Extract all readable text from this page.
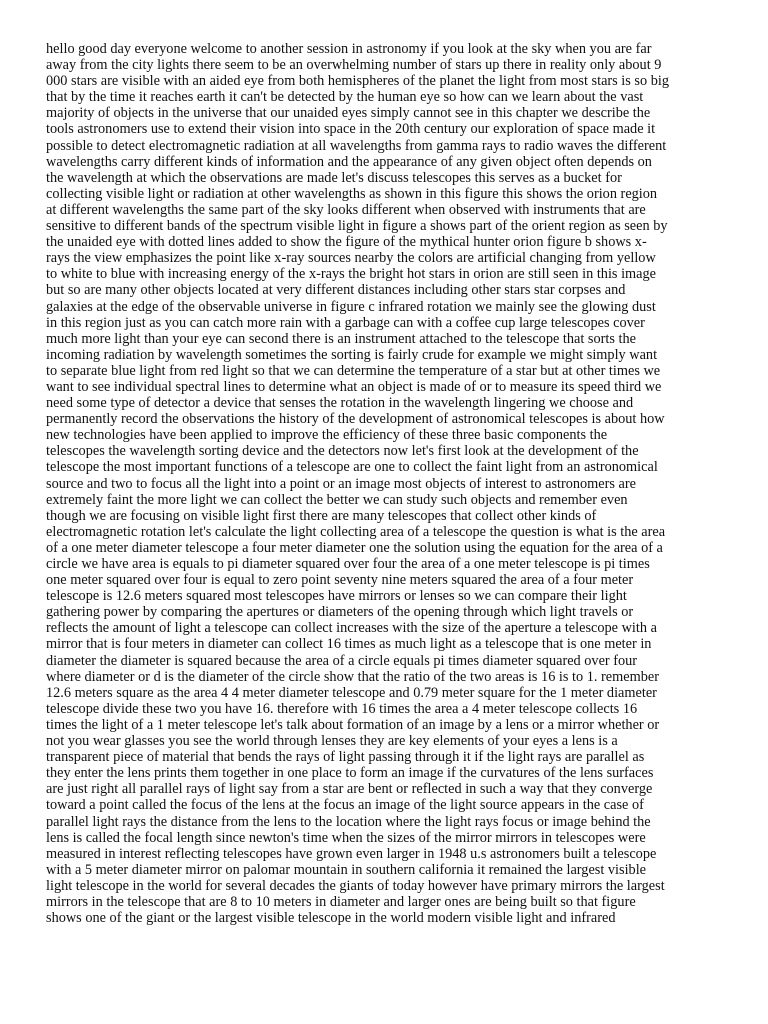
hello good day everyone welcome to another session in astronomy if you look at the sky when you are far
away from the city lights there seem to be an overwhelming number of stars up there in reality only about 9
000 stars are visible with an aided eye from both hemispheres of the planet the light from most stars is so big
that by the time it reaches earth it can't be detected by the human eye so how can we learn about the vast
majority of objects in the universe that our unaided eyes simply cannot see in this chapter we describe the
tools astronomers use to extend their vision into space in the 20th century our exploration of space made it
possible to detect electromagnetic radiation at all wavelengths from gamma rays to radio waves the different
wavelengths carry different kinds of information and the appearance of any given object often depends on
the wavelength at which the observations are made let's discuss telescopes this serves as a bucket for
collecting visible light or radiation at other wavelengths as shown in this figure this shows the orion region
at different wavelengths the same part of the sky looks different when observed with instruments that are
sensitive to different bands of the spectrum visible light in figure a shows part of the orient region as seen by
the unaided eye with dotted lines added to show the figure of the mythical hunter orion figure b shows x-
rays the view emphasizes the point like x-ray sources nearby the colors are artificial changing from yellow
to white to blue with increasing energy of the x-rays the bright hot stars in orion are still seen in this image
but so are many other objects located at very different distances including other stars star corpses and
galaxies at the edge of the observable universe in figure c infrared rotation we mainly see the glowing dust
in this region just as you can catch more rain with a garbage can with a coffee cup large telescopes cover
much more light than your eye can second there is an instrument attached to the telescope that sorts the
incoming radiation by wavelength sometimes the sorting is fairly crude for example we might simply want
to separate blue light from red light so that we can determine the temperature of a star but at other times we
want to see individual spectral lines to determine what an object is made of or to measure its speed third we
need some type of detector a device that senses the rotation in the wavelength lingering we choose and
permanently record the observations the history of the development of astronomical telescopes is about how
new technologies have been applied to improve the efficiency of these three basic components the
telescopes the wavelength sorting device and the detectors now let's first look at the development of the
telescope the most important functions of a telescope are one to collect the faint light from an astronomical
source and two to focus all the light into a point or an image most objects of interest to astronomers are
extremely faint the more light we can collect the better we can study such objects and remember even
though we are focusing on visible light first there are many telescopes that collect other kinds of
electromagnetic rotation let's calculate the light collecting area of a telescope the question is what is the area
of a one meter diameter telescope a four meter diameter one the solution using the equation for the area of a
circle we have area is equals to pi diameter squared over four the area of a one meter telescope is pi times
one meter squared over four is equal to zero point seventy nine meters squared the area of a four meter
telescope is 12.6 meters squared most telescopes have mirrors or lenses so we can compare their light
gathering power by comparing the apertures or diameters of the opening through which light travels or
reflects the amount of light a telescope can collect increases with the size of the aperture a telescope with a
mirror that is four meters in diameter can collect 16 times as much light as a telescope that is one meter in
diameter the diameter is squared because the area of a circle equals pi times diameter squared over four
where diameter or d is the diameter of the circle show that the ratio of the two areas is 16 is to 1. remember
12.6 meters square as the area 4 4 meter diameter telescope and 0.79 meter square for the 1 meter diameter
telescope divide these two you have 16. therefore with 16 times the area a 4 meter telescope collects 16
times the light of a 1 meter telescope let's talk about formation of an image by a lens or a mirror whether or
not you wear glasses you see the world through lenses they are key elements of your eyes a lens is a
transparent piece of material that bends the rays of light passing through it if the light rays are parallel as
they enter the lens prints them together in one place to form an image if the curvatures of the lens surfaces
are just right all parallel rays of light say from a star are bent or reflected in such a way that they converge
toward a point called the focus of the lens at the focus an image of the light source appears in the case of
parallel light rays the distance from the lens to the location where the light rays focus or image behind the
lens is called the focal length since newton's time when the sizes of the mirror mirrors in telescopes were
measured in interest reflecting telescopes have grown even larger in 1948 u.s astronomers built a telescope
with a 5 meter diameter mirror on palomar mountain in southern california it remained the largest visible
light telescope in the world for several decades the giants of today however have primary mirrors the largest
mirrors in the telescope that are 8 to 10 meters in diameter and larger ones are being built so that figure
shows one of the giant or the largest visible telescope in the world modern visible light and infrared
